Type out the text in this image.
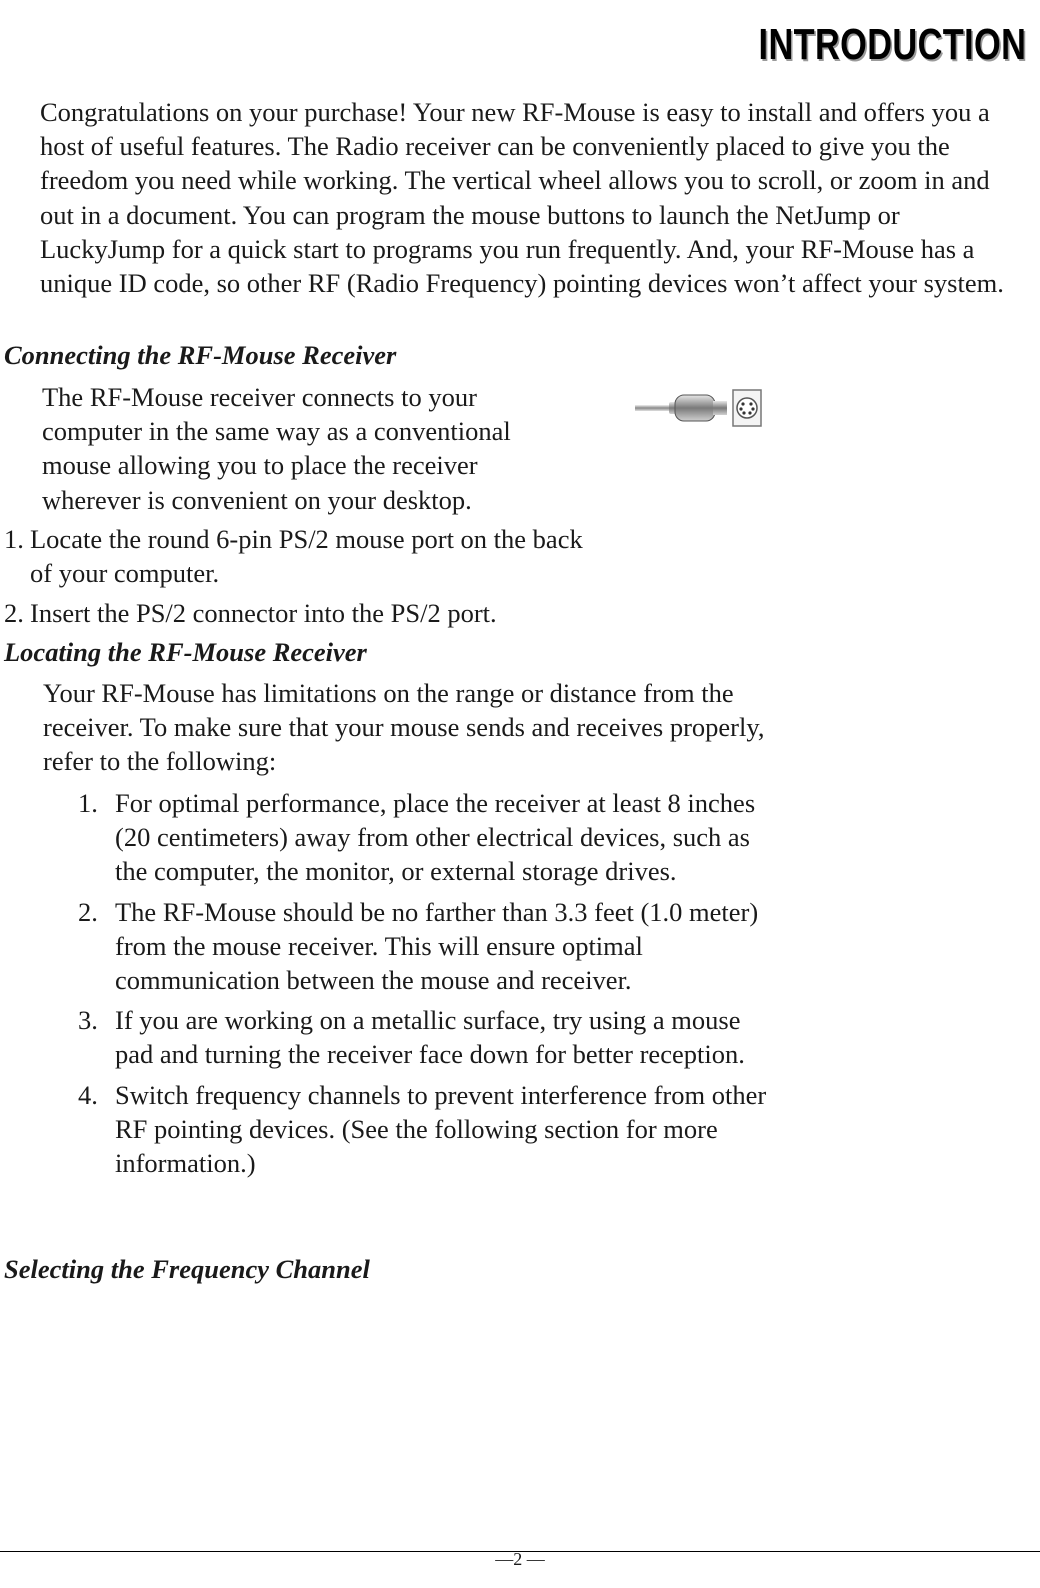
INTRODUCTION

Congratulations on your purchase! Your new RF-Mouse is easy to install and offers you a host of useful features. The Radio receiver can be conveniently placed to give you the freedom you need while working. The vertical wheel allows you to scroll, or zoom in and out in a document. You can program the mouse buttons to launch the NetJump or LuckyJump for a quick start to programs you run frequently. And, your RF-Mouse has a unique ID code, so other RF (Radio Frequency) pointing devices won’t affect your system.

Connecting the RF-Mouse Receiver

The RF-Mouse receiver connects to your computer in the same way as a conventional mouse allowing you to place the receiver wherever is convenient on your desktop.

1. Locate the round 6-pin PS/2 mouse port on the back of your computer.
2. Insert the PS/2 connector into the PS/2 port.
Locating the RF-Mouse Receiver

Your RF-Mouse has limitations on the range or distance from the receiver. To make sure that your mouse sends and receives properly, refer to the following:

1. For optimal performance, place the receiver at least 8 inches (20 centimeters) away from other electrical devices, such as the computer, the monitor, or external storage drives.
2. The RF-Mouse should be no farther than 3.3 feet (1.0 meter) from the mouse receiver. This will ensure optimal communication between the mouse and receiver.
3. If you are working on a metallic surface, try using a mouse pad and turning the receiver face down for better reception.
4. Switch frequency channels to prevent interference from other RF pointing devices. (See the following section for more information.)
Selecting the Frequency Channel
—2 —
